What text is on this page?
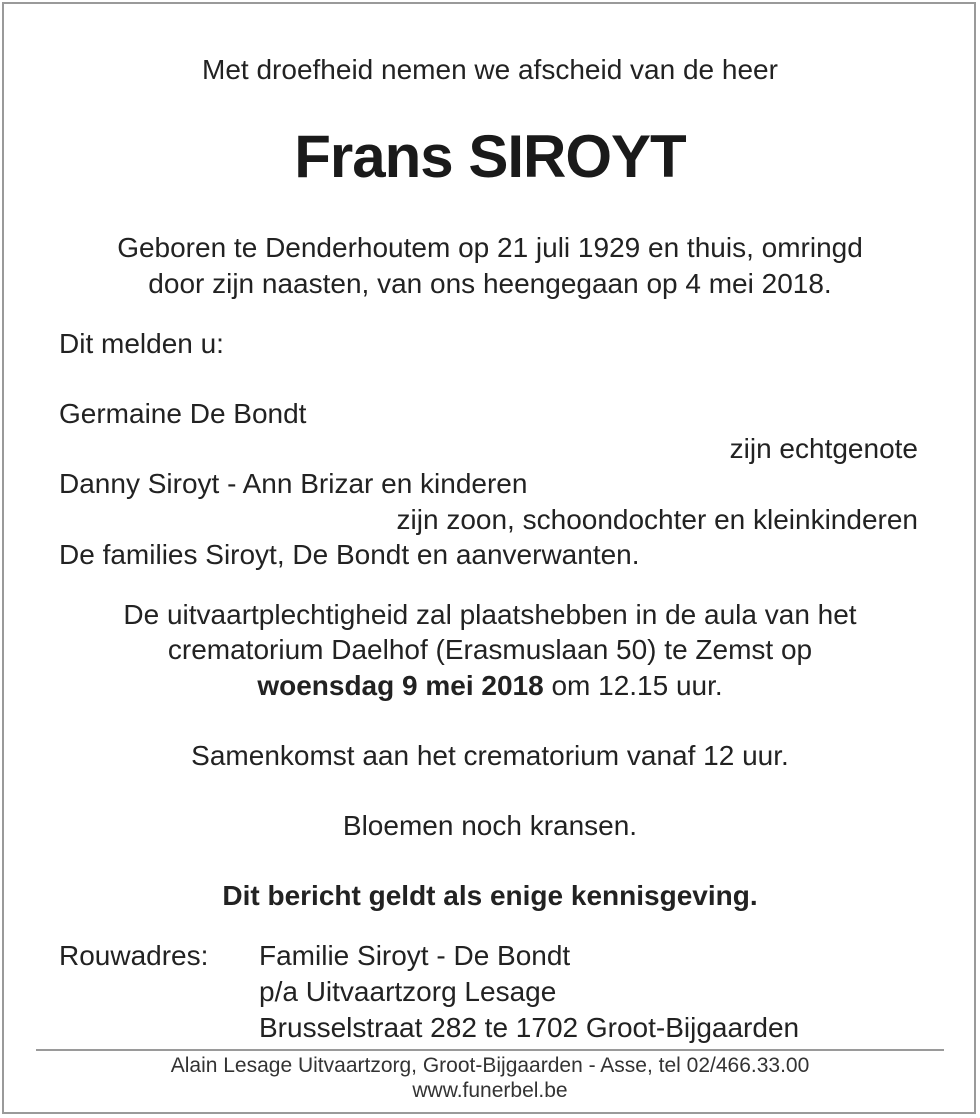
Met droefheid nemen we afscheid van de heer
Frans SIROYT
Geboren te Denderhoutem op 21 juli 1929 en thuis, omringd
door zijn naasten, van ons heengegaan op 4 mei 2018.
Dit melden u:
Germaine De Bondt
zijn echtgenote
Danny Siroyt - Ann Brizar en kinderen
zijn zoon, schoondochter en kleinkinderen
De families Siroyt, De Bondt en aanverwanten.
De uitvaartplechtigheid zal plaatshebben in de aula van het
crematorium Daelhof (Erasmuslaan 50) te Zemst op
woensdag 9 mei 2018 om 12.15 uur.
Samenkomst aan het crematorium vanaf 12 uur.
Bloemen noch kransen.
Dit bericht geldt als enige kennisgeving.
Rouwadres: Familie Siroyt - De Bondt
p/a Uitvaartzorg Lesage
Brusselstraat 282 te 1702 Groot-Bijgaarden
Alain Lesage Uitvaartzorg, Groot-Bijgaarden - Asse, tel 02/466.33.00
www.funerbel.be
